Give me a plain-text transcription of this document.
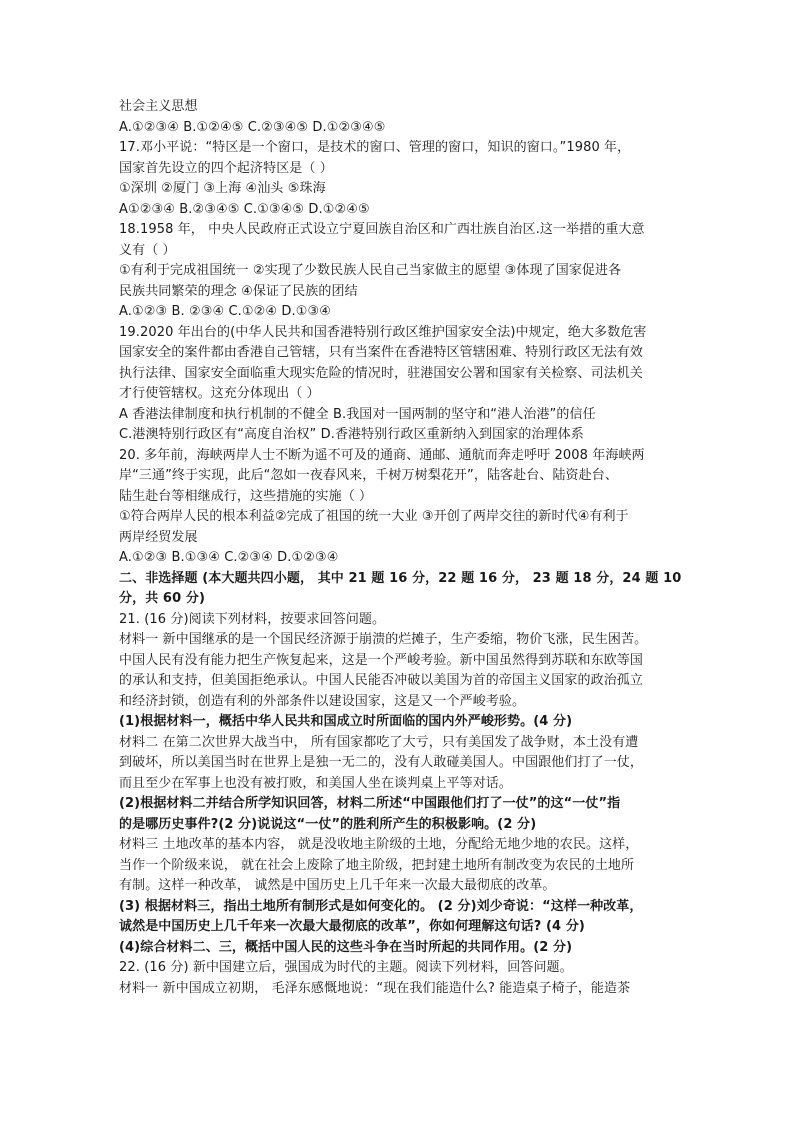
社会主义思想

A.①②③④ B.①②④⑤ C.②③④⑤ D.①②③④⑤

17.邓小平说：“特区是一个窗口，是技术的窗口、管理的窗口，知识的窗口。”1980 年，

国家首先设立的四个起济特区是（ ）

①深圳 ②厦门 ③上海 ④汕头 ⑤珠海

A①②③④ B.②③④⑤ C.①③④⑤ D.①②④⑤

18.1958 年， 中央人民政府正式设立宁夏回族自治区和广西壮族自治区.这一举措的重大意

义有（ ）

①有利于完成祖国统一 ②实现了少数民族人民自己当家做主的愿望 ③体现了国家促进各

民族共同繁荣的理念 ④保证了民族的团结

A.①②③ B. ②③④ C.①②④ D.①③④

19.2020 年出台的(中华人民共和国香港特别行政区维护国家安全法)中规定，绝大多数危害

国家安全的案件都由香港自己管辖，只有当案件在香港特区管辖困难、特别行政区无法有效

执行法律、国家安全面临重大现实危险的情况时，驻港国安公署和国家有关检察、司法机关

才行使管辖权。这充分体现出（ ）

A 香港法律制度和执行机制的不健全 B.我国对一国两制的坚守和“港人治港”的信任

C.港澳特别行政区有“高度自治权” D.香港特别行政区重新纳入到国家的治理体系

20. 多年前，海峡两岸人士不断为遥不可及的通商、通邮、通航而奔走呼吁 2008 年海峡两

岸“三通”终于实现，此后“忽如一夜春风来，千树万树梨花开”，陆客赴台、陆资赴台、

陆生赴台等相继成行，这些措施的实施（ ）

①符合两岸人民的根本利益②完成了祖国的统一大业 ③开创了两岸交往的新时代④有利于

两岸经贸发展

A.①②③ B.①③④ C.②③④ D.①②③④

二、非选择题 (本大题共四小题， 其中 21 题 16 分，22 题 16 分， 23 题 18 分，24 题 10

分，共 60 分)

21. (16 分)阅读下列材料，按要求回答问题。

材料一 新中国继承的是一个国民经济源于崩溃的烂摊子，生产委缩，物价飞涨，民生困苦。

中国人民有没有能力把生产恢复起来，这是一个严峻考验。新中国虽然得到苏联和东欧等国

的承认和支持，但美国拒绝承认。中国人民能否冲破以美国为首的帝国主义国家的政治孤立

和经济封锁，创造有利的外部条件以建设国家，这是又一个严峻考验。

(1)根据材料一，概括中华人民共和国成立时所面临的国内外严峻形势。(4 分)

材料二 在第二次世界大战当中， 所有国家都吃了大亏，只有美国发了战争财，本土没有遭

到破坏，所以美国当时在世界上是独一无二的，没有人敢碰美国人。中国跟他们打了一仗，

而且至少在军事上也没有被打败，和美国人坐在谈判桌上平等对话。

(2)根据材料二并结合所学知识回答，材料二所述“中国跟他们打了一仗”的这“一仗”指

的是哪历史事件?(2 分)说说这“一仗”的胜利所产生的积极影响。(2 分)

材料三 土地改革的基本内容， 就是没收地主阶级的土地，分配给无地少地的农民。这样，

当作一个阶级来说， 就在社会上废除了地主阶级，把封建土地所有制改变为农民的土地所

有制。这样一种改革， 诚然是中国历史上几千年来一次最大最彻底的改革。

(3) 根据材料三，指出土地所有制形式是如何变化的。 (2 分)刘少奇说：“这样一种改革，

诚然是中国历史上几千年来一次最大最彻底的改革”，你如何理解这句话? (4 分)

(4)综合材料二、三，概括中国人民的这些斗争在当时所起的共同作用。(2 分)

22. (16 分) 新中国建立后，强国成为时代的主题。阅读下列材料，回答问题。

材料一 新中国成立初期， 毛泽东感慨地说：“现在我们能造什么? 能造桌子椅子，能造茶
